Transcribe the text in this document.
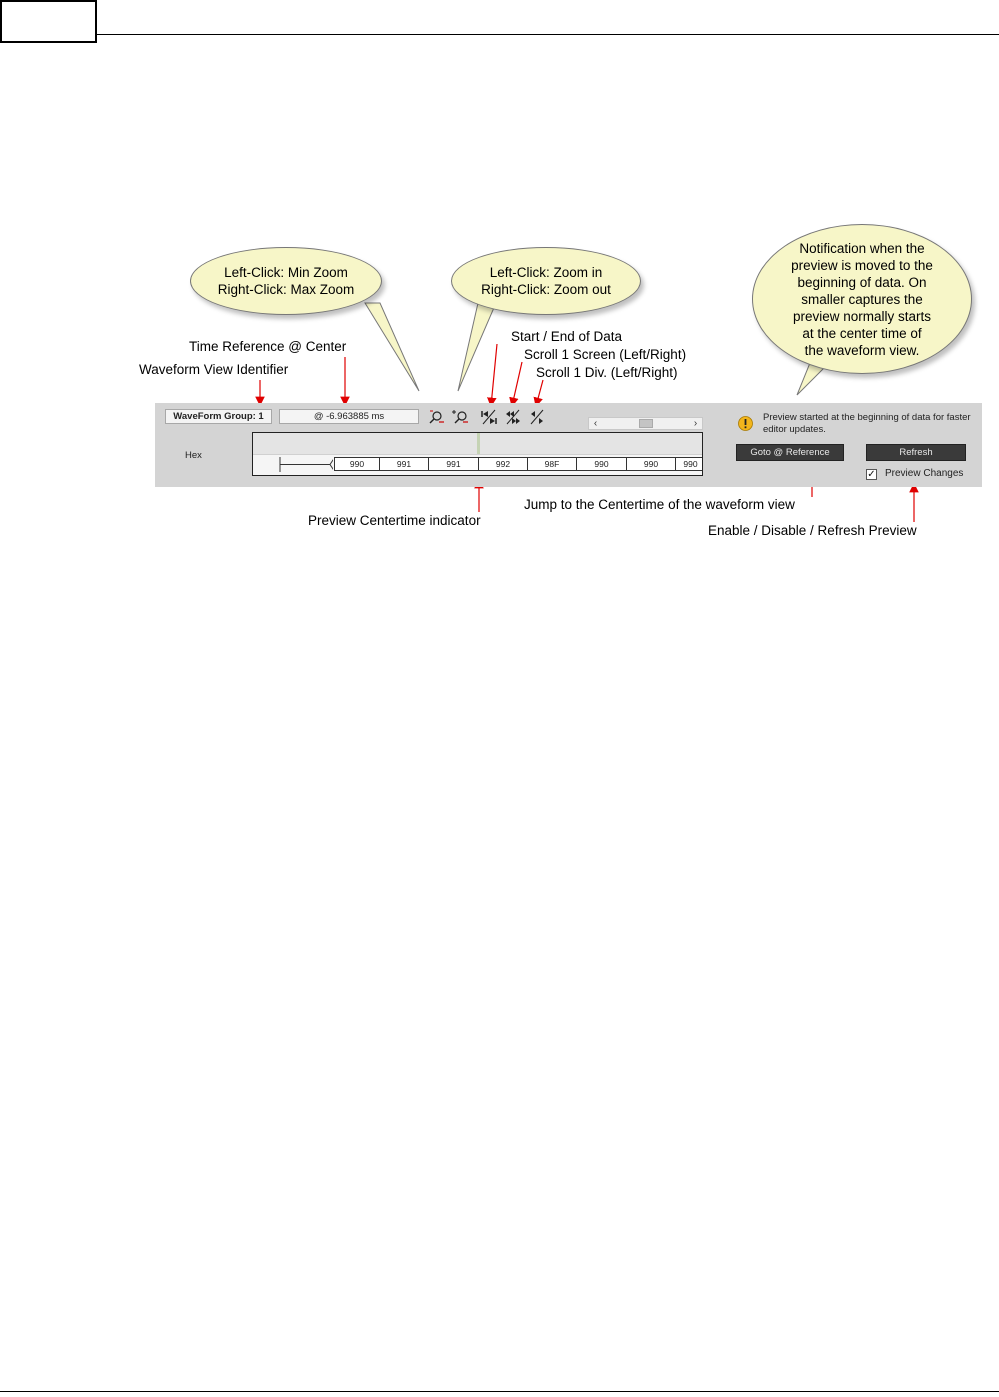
Left-Click: Min Zoom
Right-Click: Max Zoom
Left-Click: Zoom in
Right-Click: Zoom out
Notification when the
preview is moved to the
beginning of data. On
smaller captures the
preview normally starts
at the center time of
the waveform view.
Start / End of Data
Time Reference @ Center
Scroll 1 Screen (Left/Right)
Waveform View Identifier	Scroll 1 Div. (Left/Right)
Jump to the Centertime of the waveform view
Preview Centertime indicator
Enable / Disable / Refresh Preview
WaveForm Group: 1	@ -6.963885 ms
‹	›
Hex
990	991	991	992	98F	990	990	990
Preview started at the beginning of data for faster editor updates.
Goto @ Reference	Refresh
✓ Preview Changes
